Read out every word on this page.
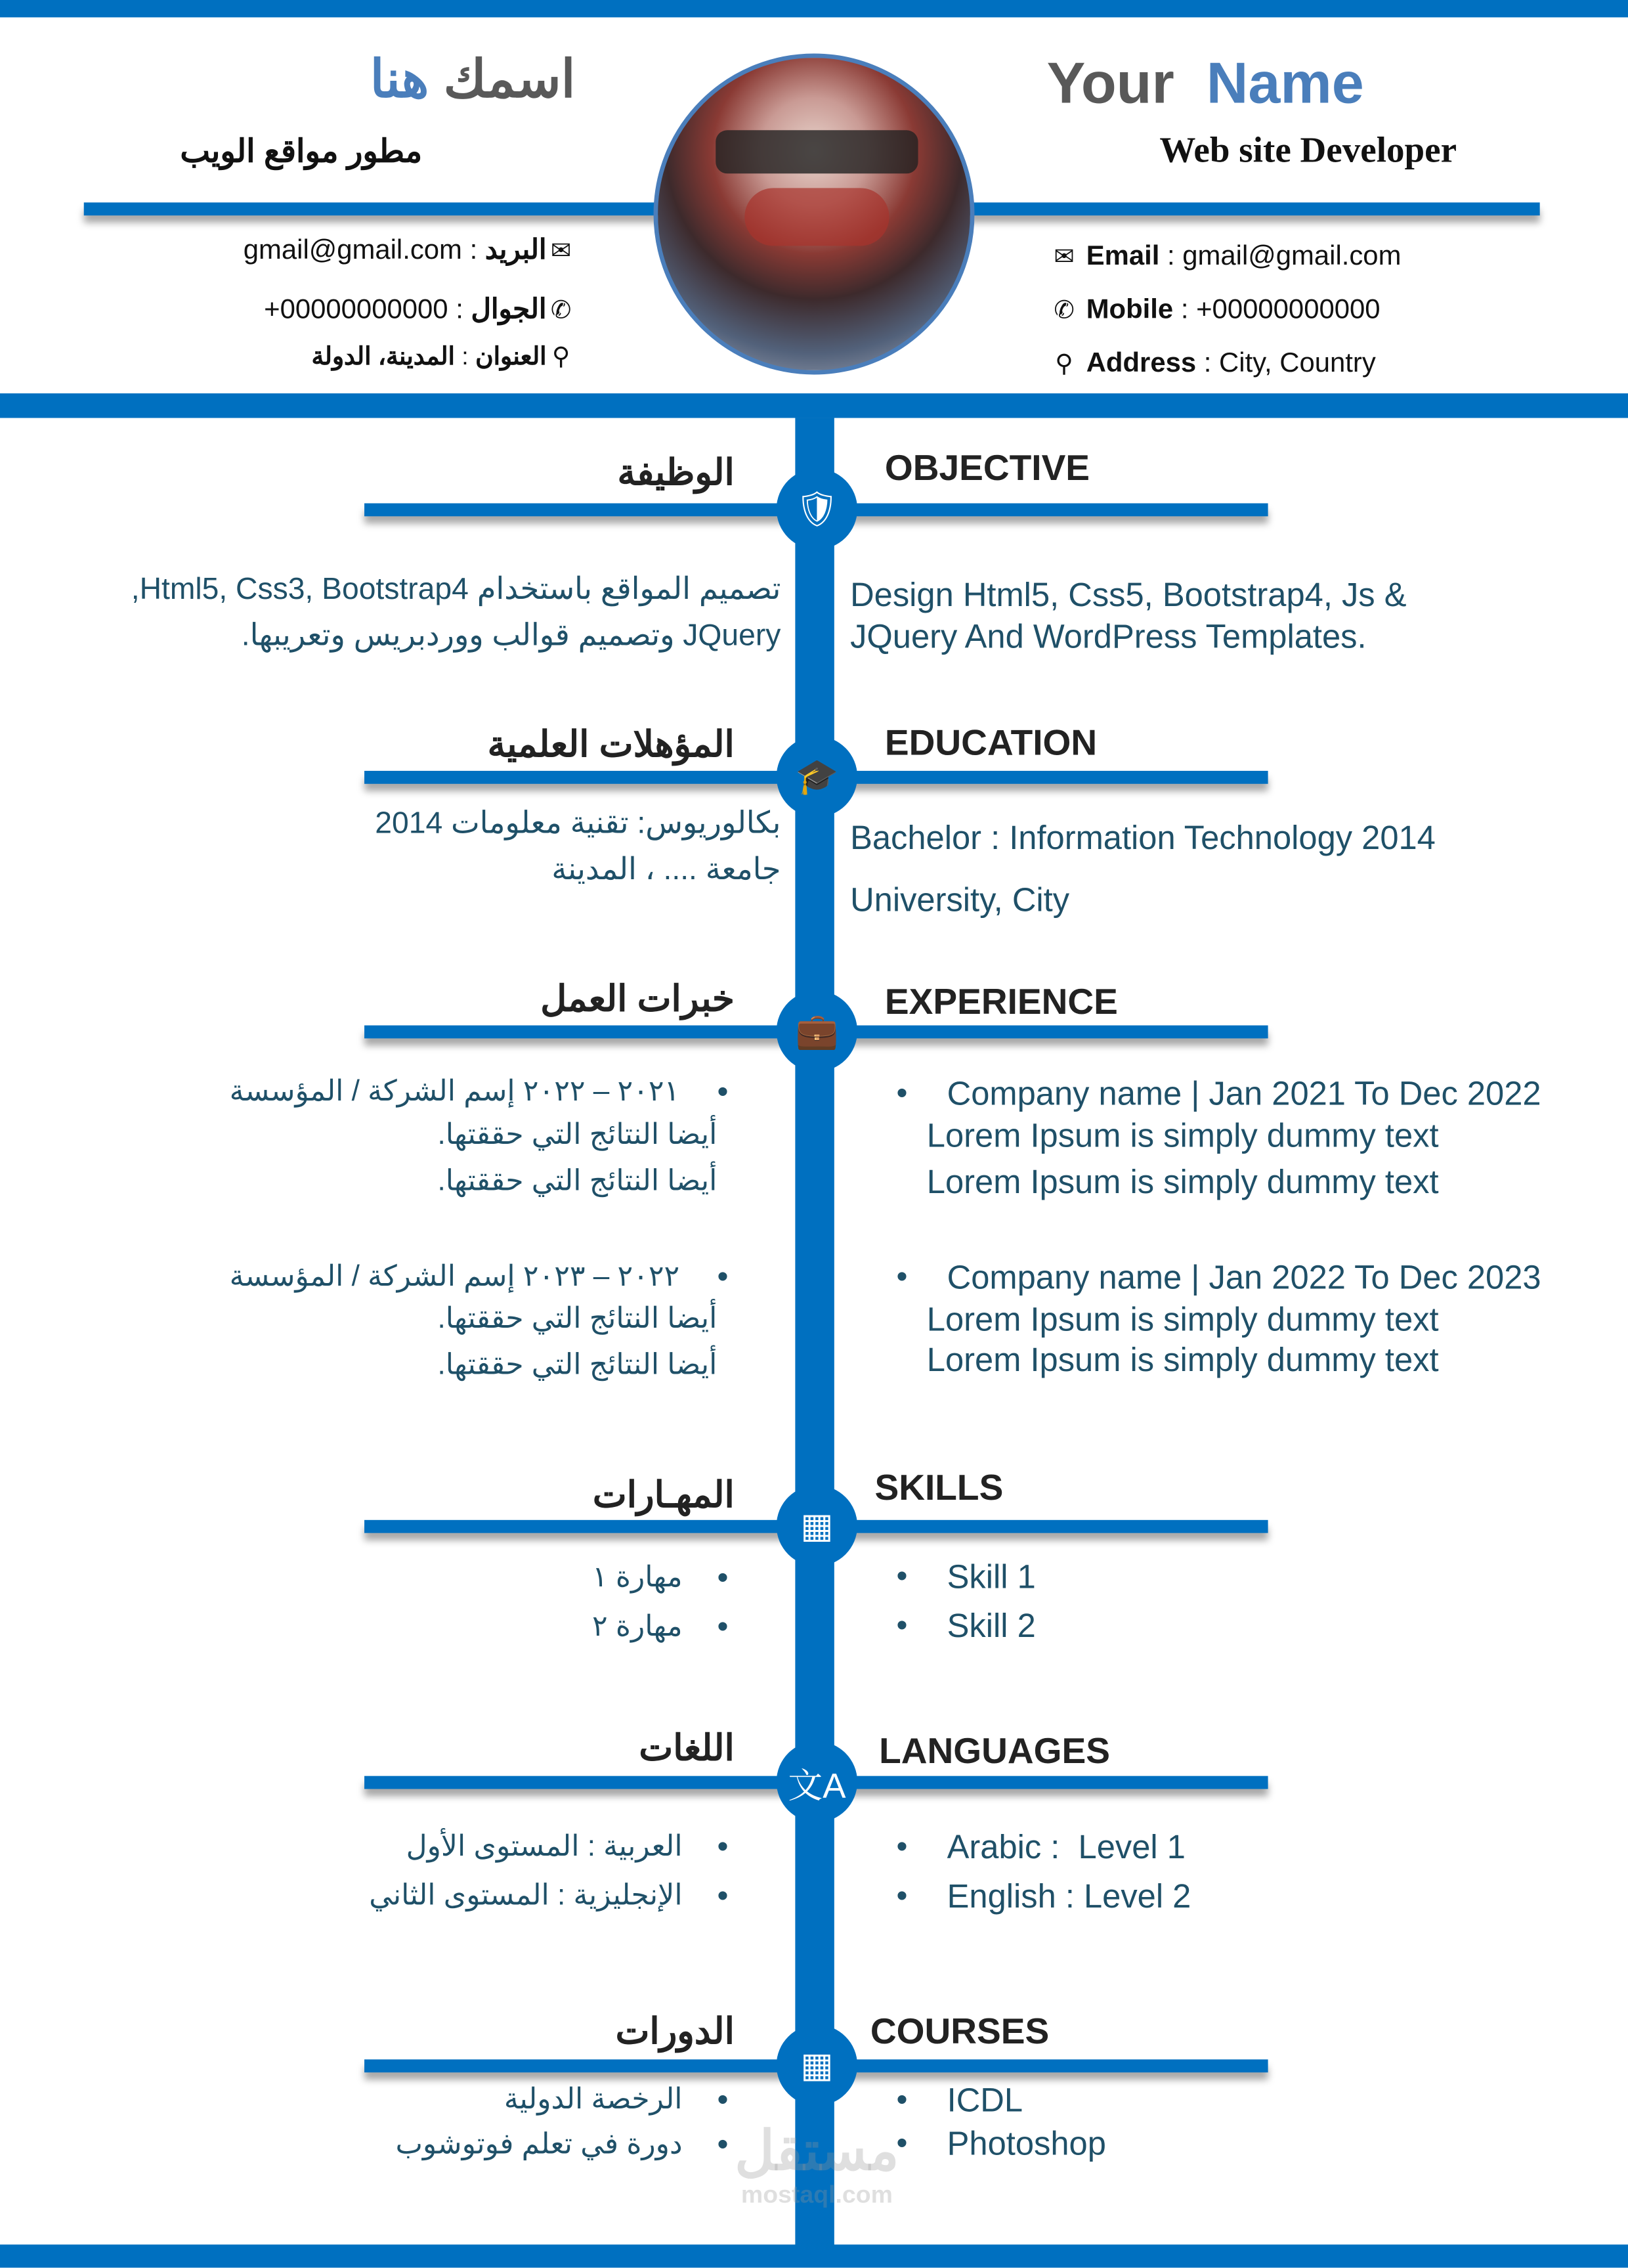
اسمك هنا
مطور مواقع الويب
Your Name
Web site Developer
✉البريد : gmail@gmail.com
✆الجوال : +00000000000
⚲العنوان : المدينة، الدولة
✉ Email : gmail@gmail.com
✆ Mobile : +00000000000
⚲ Address : City, Country
🛡
الوظيفة	OBJECTIVE
تصميم المواقع باستخدام Html5, Css3, Bootstrap4,
JQuery وتصميم قوالب ووردبريس وتعريبها.
Design Html5, Css5, Bootstrap4, Js &
JQuery And WordPress Templates.
🎓
المؤهلات العلمية	EDUCATION
بكالوريوس: تقنية معلومات 2014
جامعة .... ، المدينة
Bachelor : Information Technology 2014
University, City
💼
خبرات العمل	EXPERIENCE
•
٢٠٢١ – ٢٠٢٢ إسم الشركة / المؤسسة
أيضا النتائج التي حققتها.
أيضا النتائج التي حققتها.
•
٢٠٢٢ – ٢٠٢٣ إسم الشركة / المؤسسة
أيضا النتائج التي حققتها.
أيضا النتائج التي حققتها.
•	Company name | Jan 2021 To Dec 2022
Lorem Ipsum is simply dummy text
Lorem Ipsum is simply dummy text
•	Company name | Jan 2022 To Dec 2023
Lorem Ipsum is simply dummy text
Lorem Ipsum is simply dummy text
▦
المهـارات	SKILLS
•
مهارة ١
•
مهارة ٢
•	Skill 1
•	Skill 2
文A
اللغات	LANGUAGES
•
العربية : المستوى الأول
•
الإنجليزية : المستوى الثاني
•	Arabic :  Level 1
•	English : Level 2
▦
الدورات	COURSES
•
الرخصة الدولية
•
دورة في تعلم فوتوشوب
•	ICDL
•	Photoshop
مستقل
mostaql.com
